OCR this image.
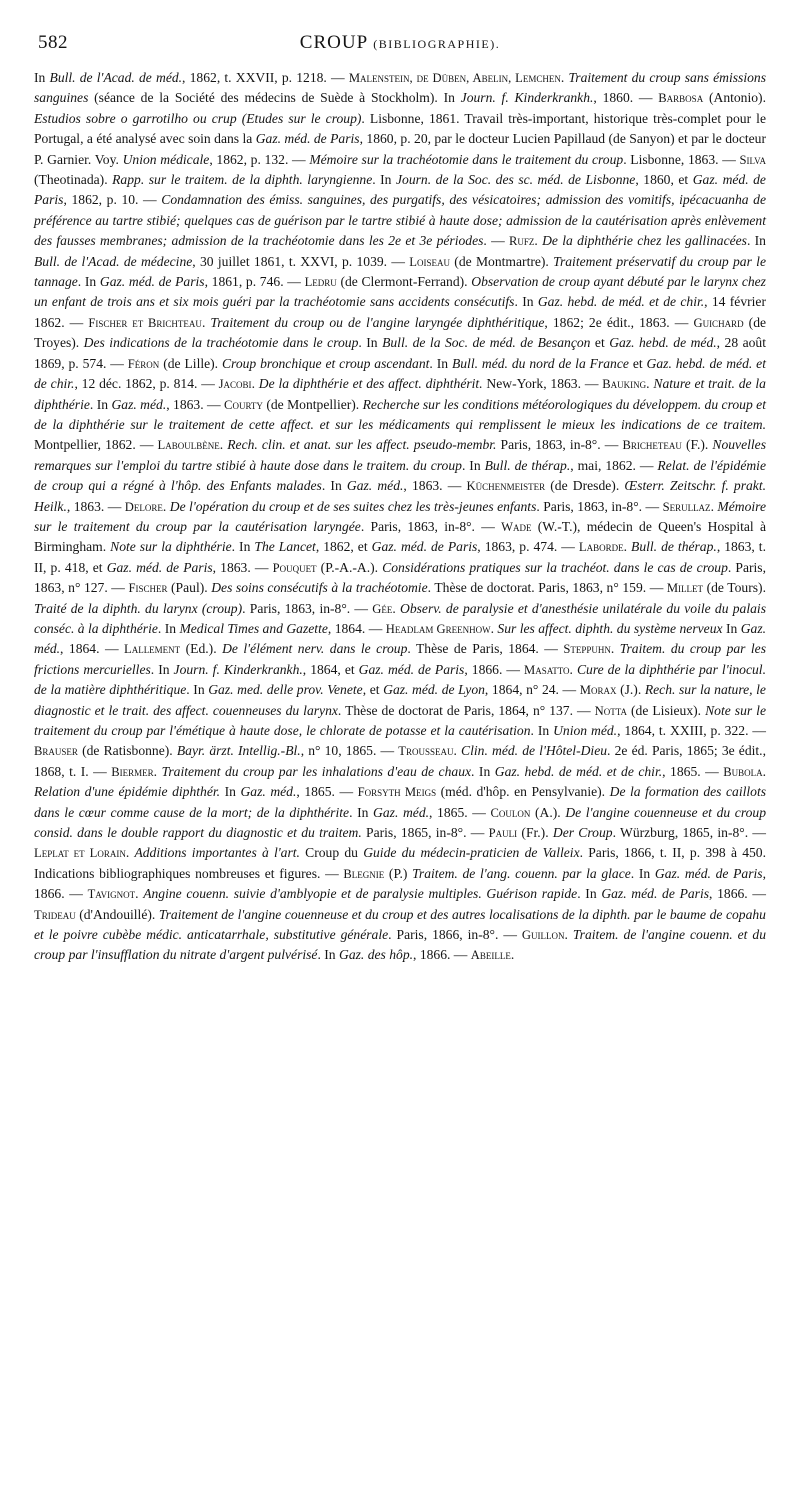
582	CROUP (BIBLIOGRAPHIE).

In Bull. de l'Acad. de méd., 1862, t. XXVII, p. 1218. — Malenstein, de Düben, Abelin, Lemchen. Traitement du croup sans émissions sanguines (séance de la Société des médecins de Suède à Stockholm). In Journ. f. Kinderkrankh., 1860. — Barbosa (Antonio). Estudios sobre o garrotilho ou crup (Etudes sur le croup). Lisbonne, 1861. Travail très-important, historique très-complet pour le Portugal, a été analysé avec soin dans la Gaz. méd. de Paris, 1860, p. 20, par le docteur Lucien Papillaud (de Sanyon) et par le docteur P. Garnier. Voy. Union médicale, 1862, p. 132. — Mémoire sur la trachéotomie dans le traitement du croup. Lisbonne, 1863. — Silva (Theotinada). Rapp. sur le traitem. de la diphth. laryngienne. In Journ. de la Soc. des sc. méd. de Lisbonne, 1860, et Gaz. méd. de Paris, 1862, p. 10. — Condamnation des émiss. sanguines, des purgatifs, des vésicatoires; admission des vomitifs, ipécacuanha de préférence au tartre stibié; quelques cas de guérison par le tartre stibié à haute dose; admission de la cautérisation après enlèvement des fausses membranes; admission de la trachéotomie dans les 2e et 3e périodes. — Rufz. De la diphthérie chez les gallinacées. In Bull. de l'Acad. de médecine, 30 juillet 1861, t. XXVI, p. 1039. — Loiseau (de Montmartre). Traitement préservatif du croup par le tannage. In Gaz. méd. de Paris, 1861, p. 746. — Ledru (de Clermont-Ferrand). Observation de croup ayant débuté par le larynx chez un enfant de trois ans et six mois guéri par la trachéotomie sans accidents consécutifs. In Gaz. hebd. de méd. et de chir., 14 février 1862. — Fischer et Brichteau. Traitement du croup ou de l'angine laryngée diphthéritique, 1862; 2e édit., 1863. — Guichard (de Troyes). Des indications de la trachéotomie dans le croup. In Bull. de la Soc. de méd. de Besançon et Gaz. hebd. de méd., 28 août 1869, p. 574. — Féron (de Lille). Croup bronchique et croup ascendant. In Bull. méd. du nord de la France et Gaz. hebd. de méd. et de chir., 12 déc. 1862, p. 814. — Jacobi. De la diphthérie et des affect. diphthérit. New-York, 1863. — Bauking. Nature et trait. de la diphthérie. In Gaz. méd., 1863. — Courty (de Montpellier). Recherche sur les conditions météorologiques du développem. du croup et de la diphthérie sur le traitement de cette affect. et sur les médicaments qui remplissent le mieux les indications de ce traitem. Montpellier, 1862. — Laboulbène. Rech. clin. et anat. sur les affect. pseudo-membr. Paris, 1863, in-8°. — Bricheteau (F.). Nouvelles remarques sur l'emploi du tartre stibié à haute dose dans le traitem. du croup. In Bull. de thérap., mai, 1862. — Relat. de l'épidémie de croup qui a régné à l'hôp. des Enfants malades. In Gaz. méd., 1863. — Küchenmeister (de Dresde). Œsterr. Zeitschr. f. prakt. Heilk., 1863. — Delore. De l'opération du croup et de ses suites chez les très-jeunes enfants. Paris, 1863, in-8°. — Serullaz. Mémoire sur le traitement du croup par la cautérisation laryngée. Paris, 1863, in-8°. — Wade (W.-T.), médecin de Queen's Hospital à Birmingham. Note sur la diphthérie. In The Lancet, 1862, et Gaz. méd. de Paris, 1863, p. 474. — Laborde. Bull. de thérap., 1863, t. II, p. 418, et Gaz. méd. de Paris, 1863. — Pouquet (P.-A.-A.). Considérations pratiques sur la trachéot. dans le cas de croup. Paris, 1863, n° 127. — Fischer (Paul). Des soins consécutifs à la trachéotomie. Thèse de doctorat. Paris, 1863, n° 159. — Millet (de Tours). Traité de la diphth. du larynx (croup). Paris, 1863, in-8°. — Gée. Observ. de paralysie et d'anesthésie unilatérale du voile du palais conséc. à la diphthérie. In Medical Times and Gazette, 1864. — Headlam Greenhow. Sur les affect. diphth. du système nerveux In Gaz. méd., 1864. — Lallement (Ed.). De l'élément nerv. dans le croup. Thèse de Paris, 1864. — Steppuhn. Traitem. du croup par les frictions mercurielles. In Journ. f. Kinderkrankh., 1864, et Gaz. méd. de Paris, 1866. — Masatto. Cure de la diphthérie par l'inocul. de la matière diphthéritique. In Gaz. med. delle prov. Venete, et Gaz. méd. de Lyon, 1864, n° 24. — Morax (J.). Rech. sur la nature, le diagnostic et le trait. des affect. couenneuses du larynx. Thèse de doctorat de Paris, 1864, n° 137. — Notta (de Lisieux). Note sur le traitement du croup par l'émétique à haute dose, le chlorate de potasse et la cautérisation. In Union méd., 1864, t. XXIII, p. 322. — Brauser (de Ratisbonne). Bayr. ärzt. Intellig.-Bl., n° 10, 1865. — Trousseau. Clin. méd. de l'Hôtel-Dieu. 2e éd. Paris, 1865; 3e édit., 1868, t. I. — Biermer. Traitement du croup par les inhalations d'eau de chaux. In Gaz. hebd. de méd. et de chir., 1865. — Bubola. Relation d'une épidémie diphthér. In Gaz. méd., 1865. — Forsyth Meigs (méd. d'hôp. en Pensylvanie). De la formation des caillots dans le cœur comme cause de la mort; de la diphthérite. In Gaz. méd., 1865. — Coulon (A.). De l'angine couenneuse et du croup consid. dans le double rapport du diagnostic et du traitem. Paris, 1865, in-8°. — Pauli (Fr.). Der Croup. Würzburg, 1865, in-8°. — Leplat et Lorain. Additions importantes à l'art. Croup du Guide du médecin-praticien de Valleix. Paris, 1866, t. II, p. 398 à 450. Indications bibliographiques nombreuses et figures. — Blegnie (P.) Traitem. de l'ang. couenn. par la glace. In Gaz. méd. de Paris, 1866. — Tavignot. Angine couenn. suivie d'amblyopie et de paralysie multiples. Guérison rapide. In Gaz. méd. de Paris, 1866. — Trideau (d'Andouillé). Traitement de l'angine couenneuse et du croup et des autres localisations de la diphth. par le baume de copahu et le poivre cubèbe médic. anticatarrhale, substitutive générale. Paris, 1866, in-8°. — Guillon. Traitem. de l'angine couenn. et du croup par l'insufflation du nitrate d'argent pulvérisé. In Gaz. des hôp., 1866. — Abeille.
